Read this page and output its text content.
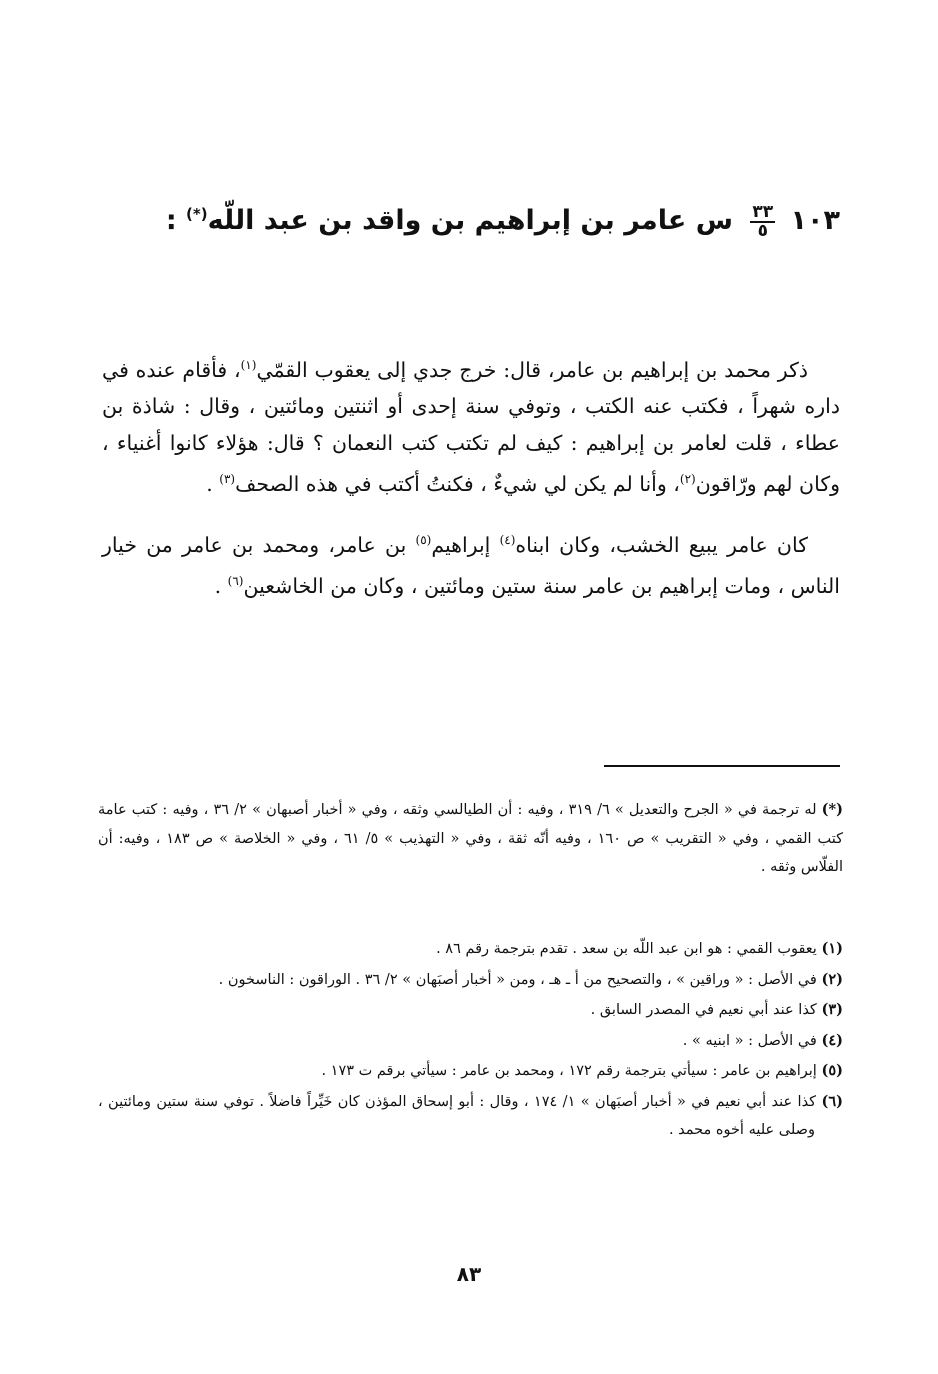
١٠٣
$\frac{٣٣}{٥}$
س عامر بن إبراهيم بن واقد بن عبد اللّه(*) :

ذكر محمد بن إبراهيم بن عامر، قال: خرج جدي إلى يعقوب القمّي$^{(١)}$، فأقام عنده في داره شهراً ، فكتب عنه الكتب ، وتوفي سنة إحدى أو اثنتين ومائتين ، وقال : شاذة بن عطاء ، قلت لعامر بن إبراهيم : كيف لم تكتب كتب النعمان ؟ قال: هؤلاء كانوا أغنياء ، وكان لهم ورّاقون$^{(٢)}$، وأنا لم يكن لي شيءٌ ، فكنتُ أكتب في هذه الصحف$^{(٣)}$ .

كان عامر يبيع الخشب، وكان ابناه$^{(٤)}$ إبراهيم$^{(٥)}$ بن عامر، ومحمد بن عامر من خيار الناس ، ومات إبراهيم بن عامر سنة ستين ومائتين ، وكان من الخاشعين$^{(٦)}$ .

(*) له ترجمة في « الجرح والتعديل » ٦/ ٣١٩ ، وفيه : أن الطيالسي وثقه ، وفي « أخبار أصبهان » ٢/ ٣٦ ، وفيه : كتب عامة كتب القمي ، وفي « التقريب » ص ١٦٠ ، وفيه أنّه ثقة ، وفي « التهذيب » ٥/ ٦١ ، وفي « الخلاصة » ص ١٨٣ ، وفيه: أن الفلّاس وثقه .

(١) يعقوب القمي : هو ابن عبد اللّه بن سعد . تقدم بترجمة رقم ٨٦ .

(٢) في الأصل : « وراقين » ، والتصحيح من أ ـ هـ ، ومن « أخبار أصبَهان » ٢/ ٣٦ . الوراقون : الناسخون .

(٣) كذا عند أبي نعيم في المصدر السابق .

(٤) في الأصل : « ابنيه » .

(٥) إبراهيم بن عامر : سيأتي بترجمة رقم ١٧٢ ، ومحمد بن عامر : سيأتي برقم ت ١٧٣ .

(٦) كذا عند أبي نعيم في « أخبار أصبَهان » ١/ ١٧٤ ، وقال : أبو إسحاق المؤذن كان خَيِّراً فاضلاً . توفي سنة ستين ومائتين ، وصلى عليه أخوه محمد .

٨٣
